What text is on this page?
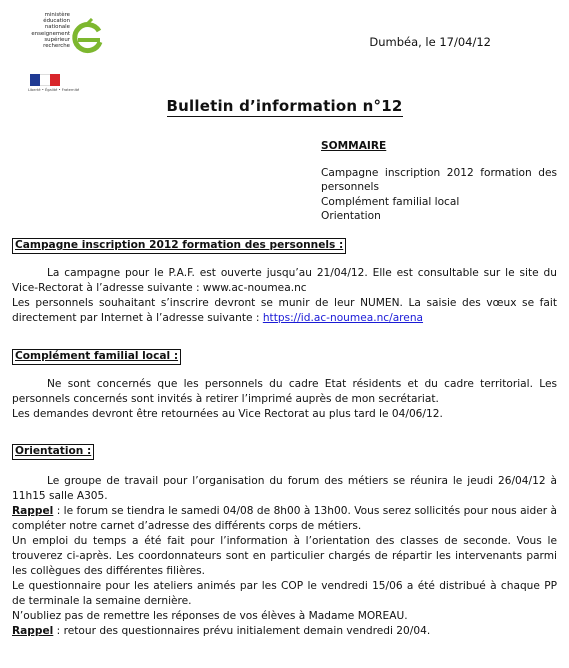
ministère
éducation
nationale
enseignement
supérieur
recherche
Liberté • Égalité • Fraternité
Dumbéa, le 17/04/12
Bulletin d’information n°12
SOMMAIRE
Campagne inscription 2012 formation des personnels
Complément familial local
Orientation
Campagne inscription 2012 formation des personnels :
La campagne pour le P.A.F. est ouverte jusqu’au 21/04/12. Elle est consultable sur le site du Vice-Rectorat à l’adresse suivante : www.ac-noumea.nc
Les personnels souhaitant s’inscrire devront se munir de leur NUMEN. La saisie des vœux se fait directement par Internet à l’adresse suivante : https://id.ac-noumea.nc/arena
Complément familial local :
Ne sont concernés que les personnels du cadre Etat résidents et du cadre territorial. Les personnels concernés sont invités à retirer l’imprimé auprès de mon secrétariat.
Les demandes devront être retournées au Vice Rectorat au plus tard le 04/06/12.
Orientation :
Le groupe de travail pour l’organisation du forum des métiers se réunira le jeudi 26/04/12 à 11h15 salle A305.
Rappel : le forum se tiendra le samedi 04/08 de 8h00 à 13h00. Vous serez sollicités pour nous aider à compléter notre carnet d’adresse des différents corps de métiers.
Un emploi du temps a été fait pour l’information à l’orientation des classes de seconde. Vous le trouverez ci-après. Les coordonnateurs sont en particulier chargés de répartir les intervenants parmi les collègues des différentes filières.
Le questionnaire pour les ateliers animés par les COP le vendredi 15/06 a été distribué à chaque PP de terminale la semaine dernière.
N’oubliez pas de remettre les réponses de vos élèves à Madame MOREAU.
Rappel : retour des questionnaires prévu initialement demain vendredi 20/04.
